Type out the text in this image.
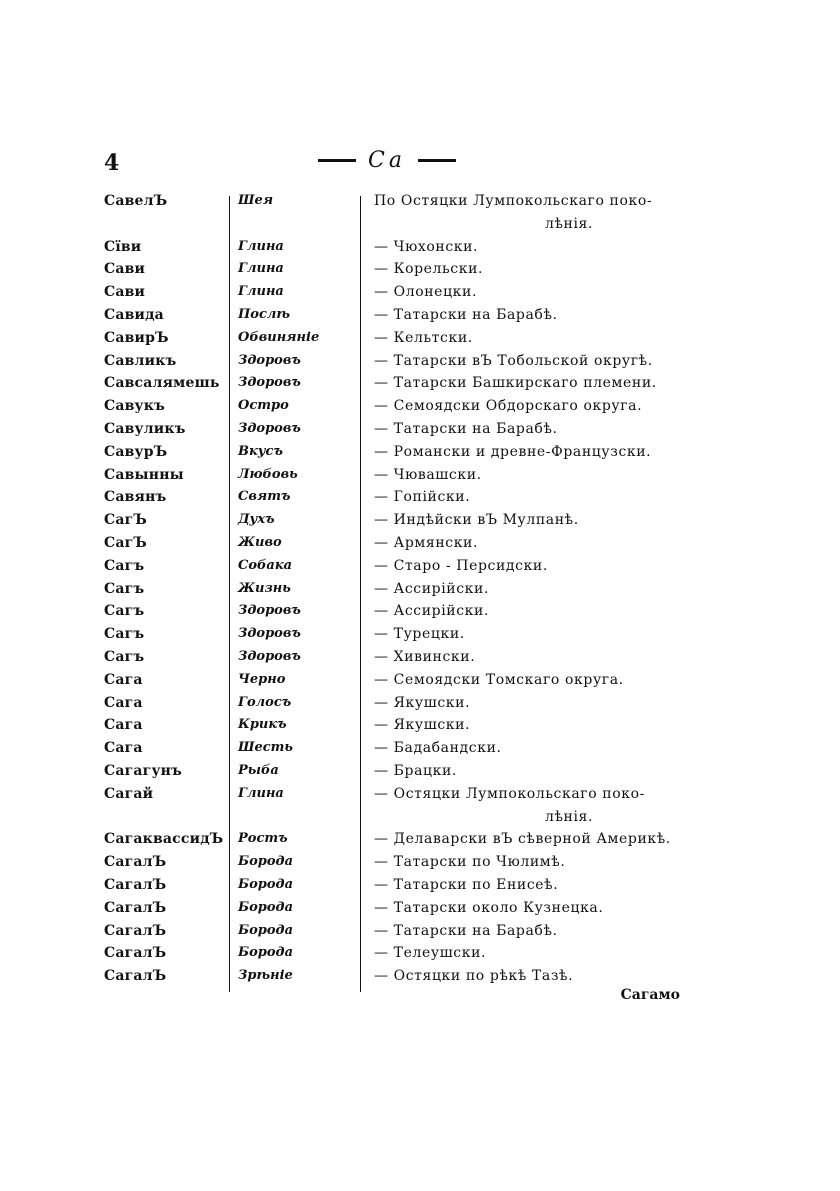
4	Са
СавелЪ	Шея	По Остяцки Лумпокольскаго поко-
лѣнія.
Сїви	Глина	— Чюхонски.
Сави	Глина	— Корельски.
Сави	Глина	— Олонецки.
Савида	Послѣ	— Татарски на Барабѣ.
СавирЪ	Обвиняніе	— Кельтски.
Савликъ	Здоровъ	— Татарски вЪ Тобольской округѣ.
Савсалямешь	Здоровъ	— Татарски Башкирскаго племени.
Савукъ	Остро	— Семоядски Обдорскаго округа.
Савуликъ	Здоровъ	— Татарски на Барабѣ.
СавурЪ	Вкусъ	— Романски и древне-Французски.
Савынны	Любовь	— Чювашски.
Савянъ	Святъ	— Гопійски.
СагЪ	Духъ	— Индѣйски вЪ Мулпанѣ.
СагЪ	Живо	— Армянски.
Сагъ	Собака	— Старо - Персидски.
Сагъ	Жизнь	— Ассирійски.
Сагъ	Здоровъ	— Ассирійски.
Сагъ	Здоровъ	— Турецки.
Сагъ	Здоровъ	— Хивински.
Сага	Черно	— Семоядски Томскаго округа.
Сага	Голосъ	— Якушски.
Сага	Крикъ	— Якушски.
Сага	Шесть	— Бадабандски.
Сагагунъ	Рыба	— Брацки.
Сагай	Глина	— Остяцки Лумпокольскаго поко-
лѣнія.
СагаквассидЪ	Ростъ	— Делаварски вЪ сѣверной Америкѣ.
СагалЪ	Борода	— Татарски по Чюлимѣ.
СагалЪ	Борода	— Татарски по Енисеѣ.
СагалЪ	Борода	— Татарски около Кузнецка.
СагалЪ	Борода	— Татарски на Барабѣ.
СагалЪ	Борода	— Телеушски.
СагалЪ	Зрѣніе	— Остяцки по рѣкѣ Тазѣ.
Сагамо
